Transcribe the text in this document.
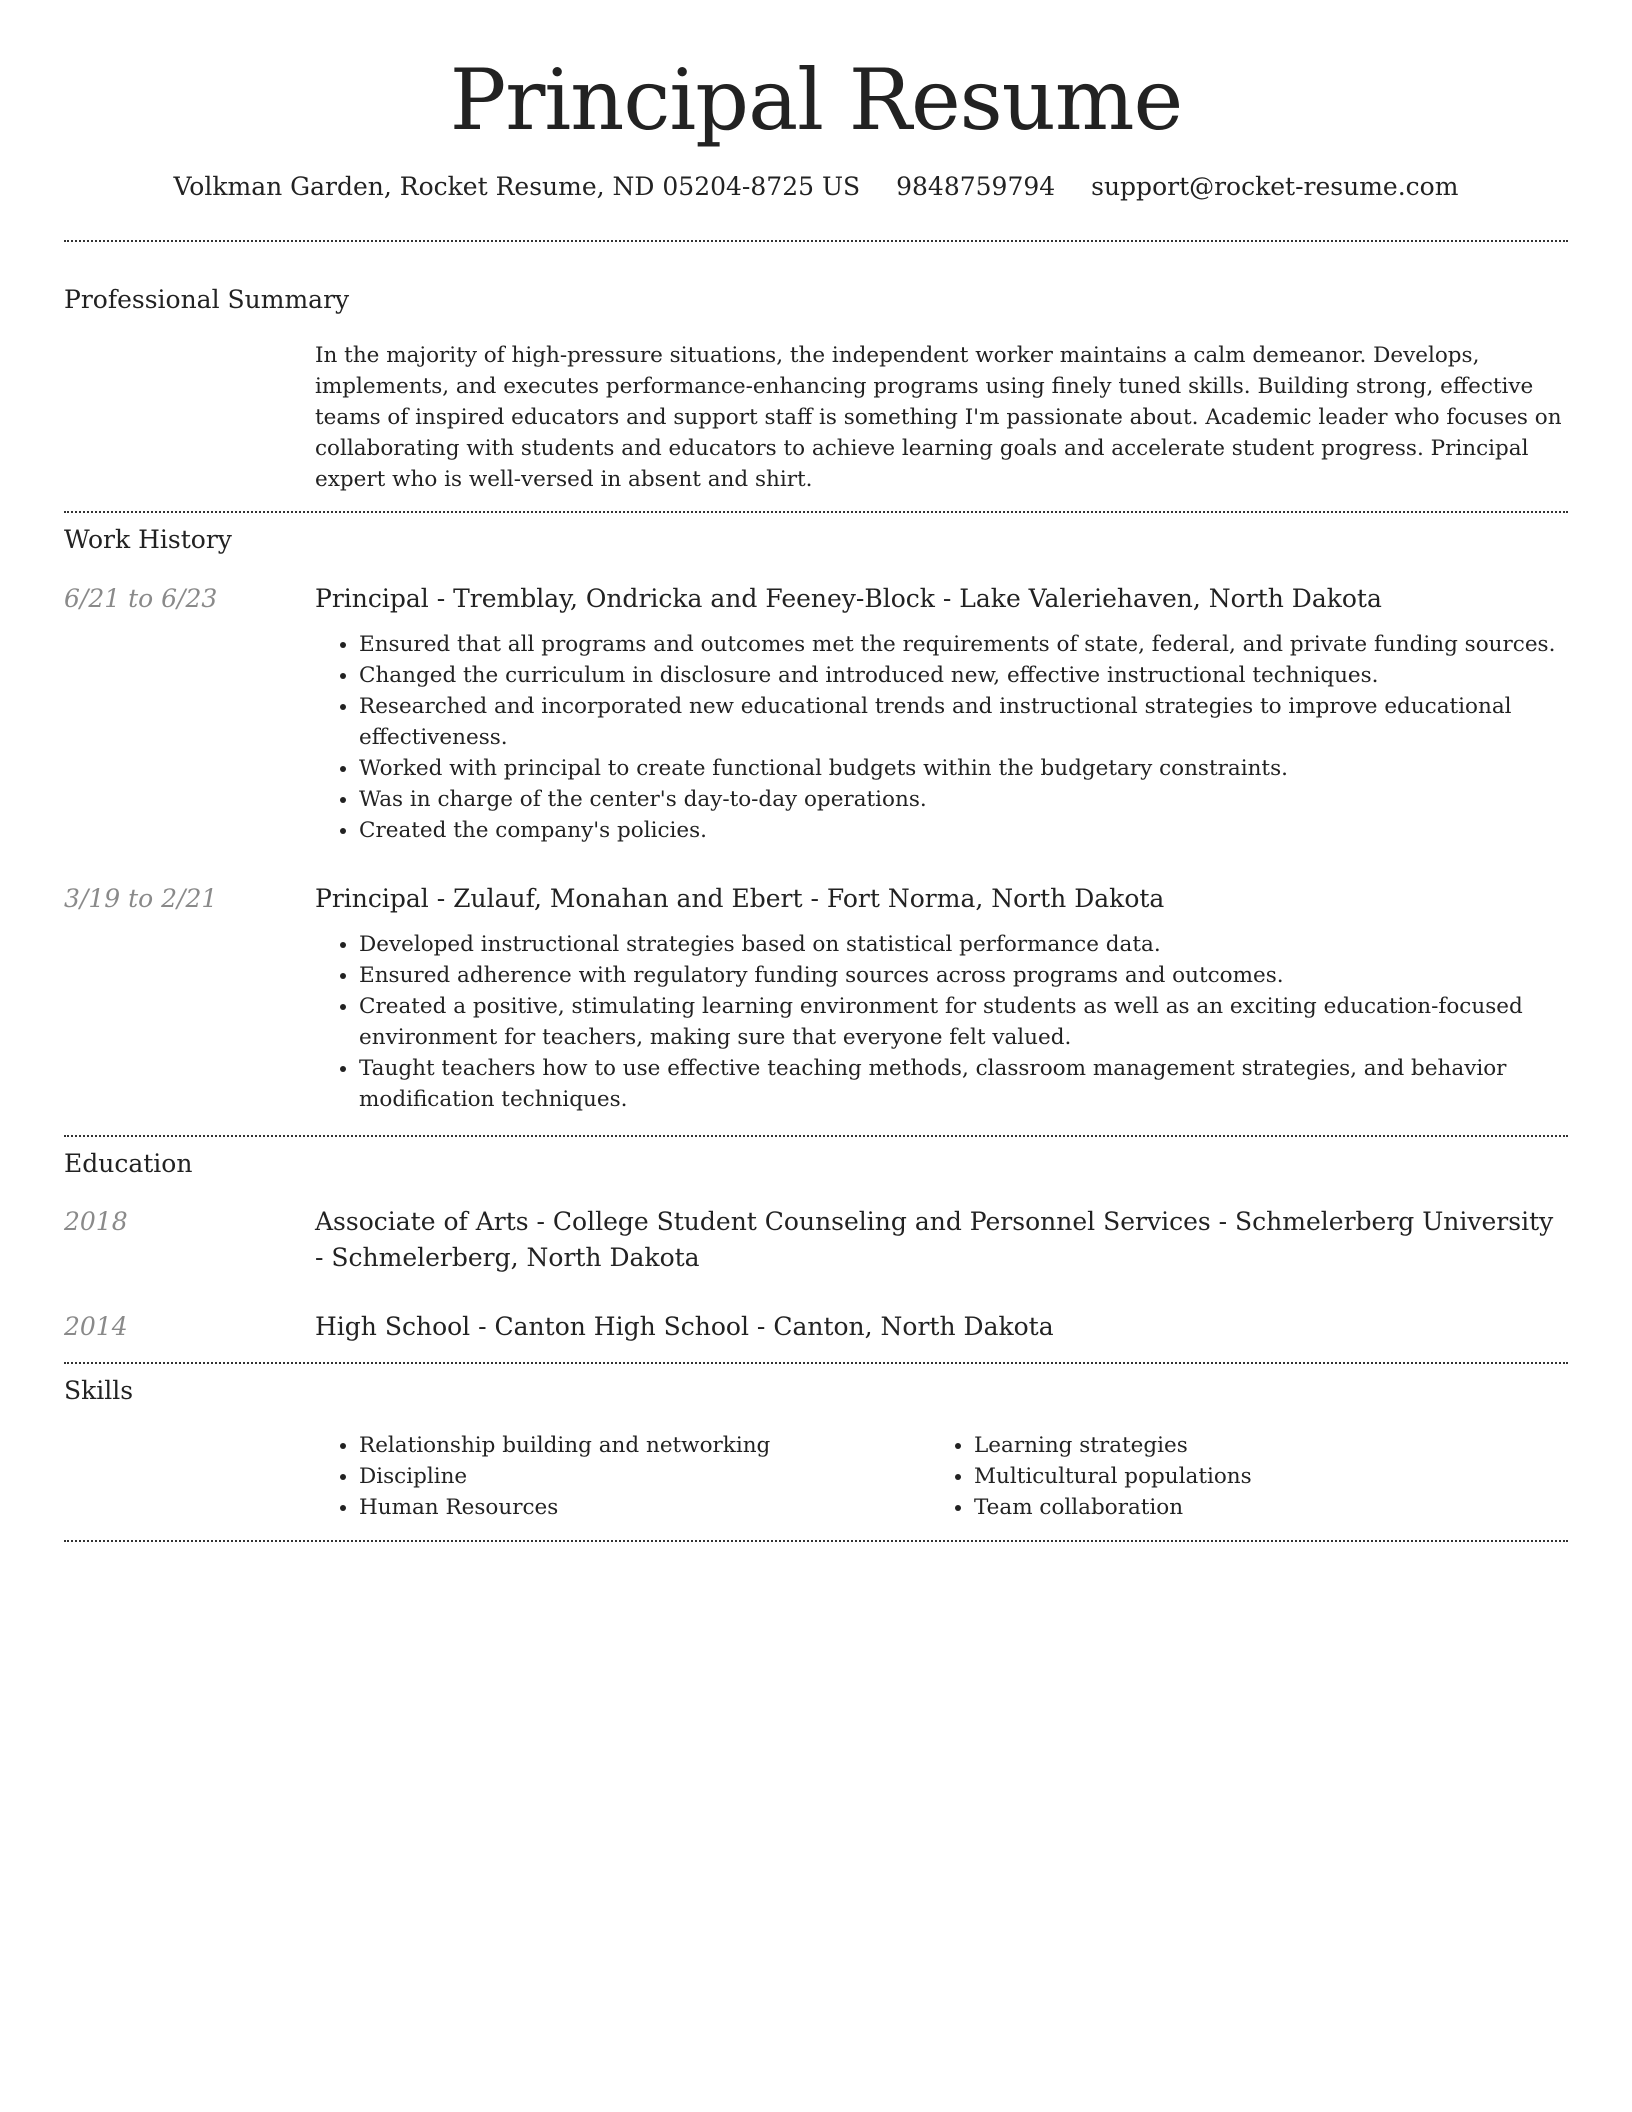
Principal Resume
Volkman Garden, Rocket Resume, ND 05204-8725 US 9848759794 support@rocket-resume.com
Professional Summary

In the majority of high-pressure situations, the independent worker maintains a calm demeanor. Develops, implements, and executes performance-enhancing programs using finely tuned skills. Building strong, effective teams of inspired educators and support staff is something I'm passionate about. Academic leader who focuses on collaborating with students and educators to achieve learning goals and accelerate student progress. Principal expert who is well-versed in absent and shirt.

Work History
6/21 to 6/23	Principal - Tremblay, Ondricka and Feeney-Block - Lake Valeriehaven, North Dakota
• Ensured that all programs and outcomes met the requirements of state, federal, and private funding sources.
• Changed the curriculum in disclosure and introduced new, effective instructional techniques.
• Researched and incorporated new educational trends and instructional strategies to improve educational effectiveness.
• Worked with principal to create functional budgets within the budgetary constraints.
• Was in charge of the center's day-to-day operations.
• Created the company's policies.
3/19 to 2/21	Principal - Zulauf, Monahan and Ebert - Fort Norma, North Dakota
• Developed instructional strategies based on statistical performance data.
• Ensured adherence with regulatory funding sources across programs and outcomes.
• Created a positive, stimulating learning environment for students as well as an exciting education-focused environment for teachers, making sure that everyone felt valued.
• Taught teachers how to use effective teaching methods, classroom management strategies, and behavior modification techniques.
Education
2018	Associate of Arts - College Student Counseling and Personnel Services - Schmelerberg University - Schmelerberg, North Dakota
2014	High School - Canton High School - Canton, North Dakota
Skills
• Relationship building and networking
• Discipline
• Human Resources
• Learning strategies
• Multicultural populations
• Team collaboration
